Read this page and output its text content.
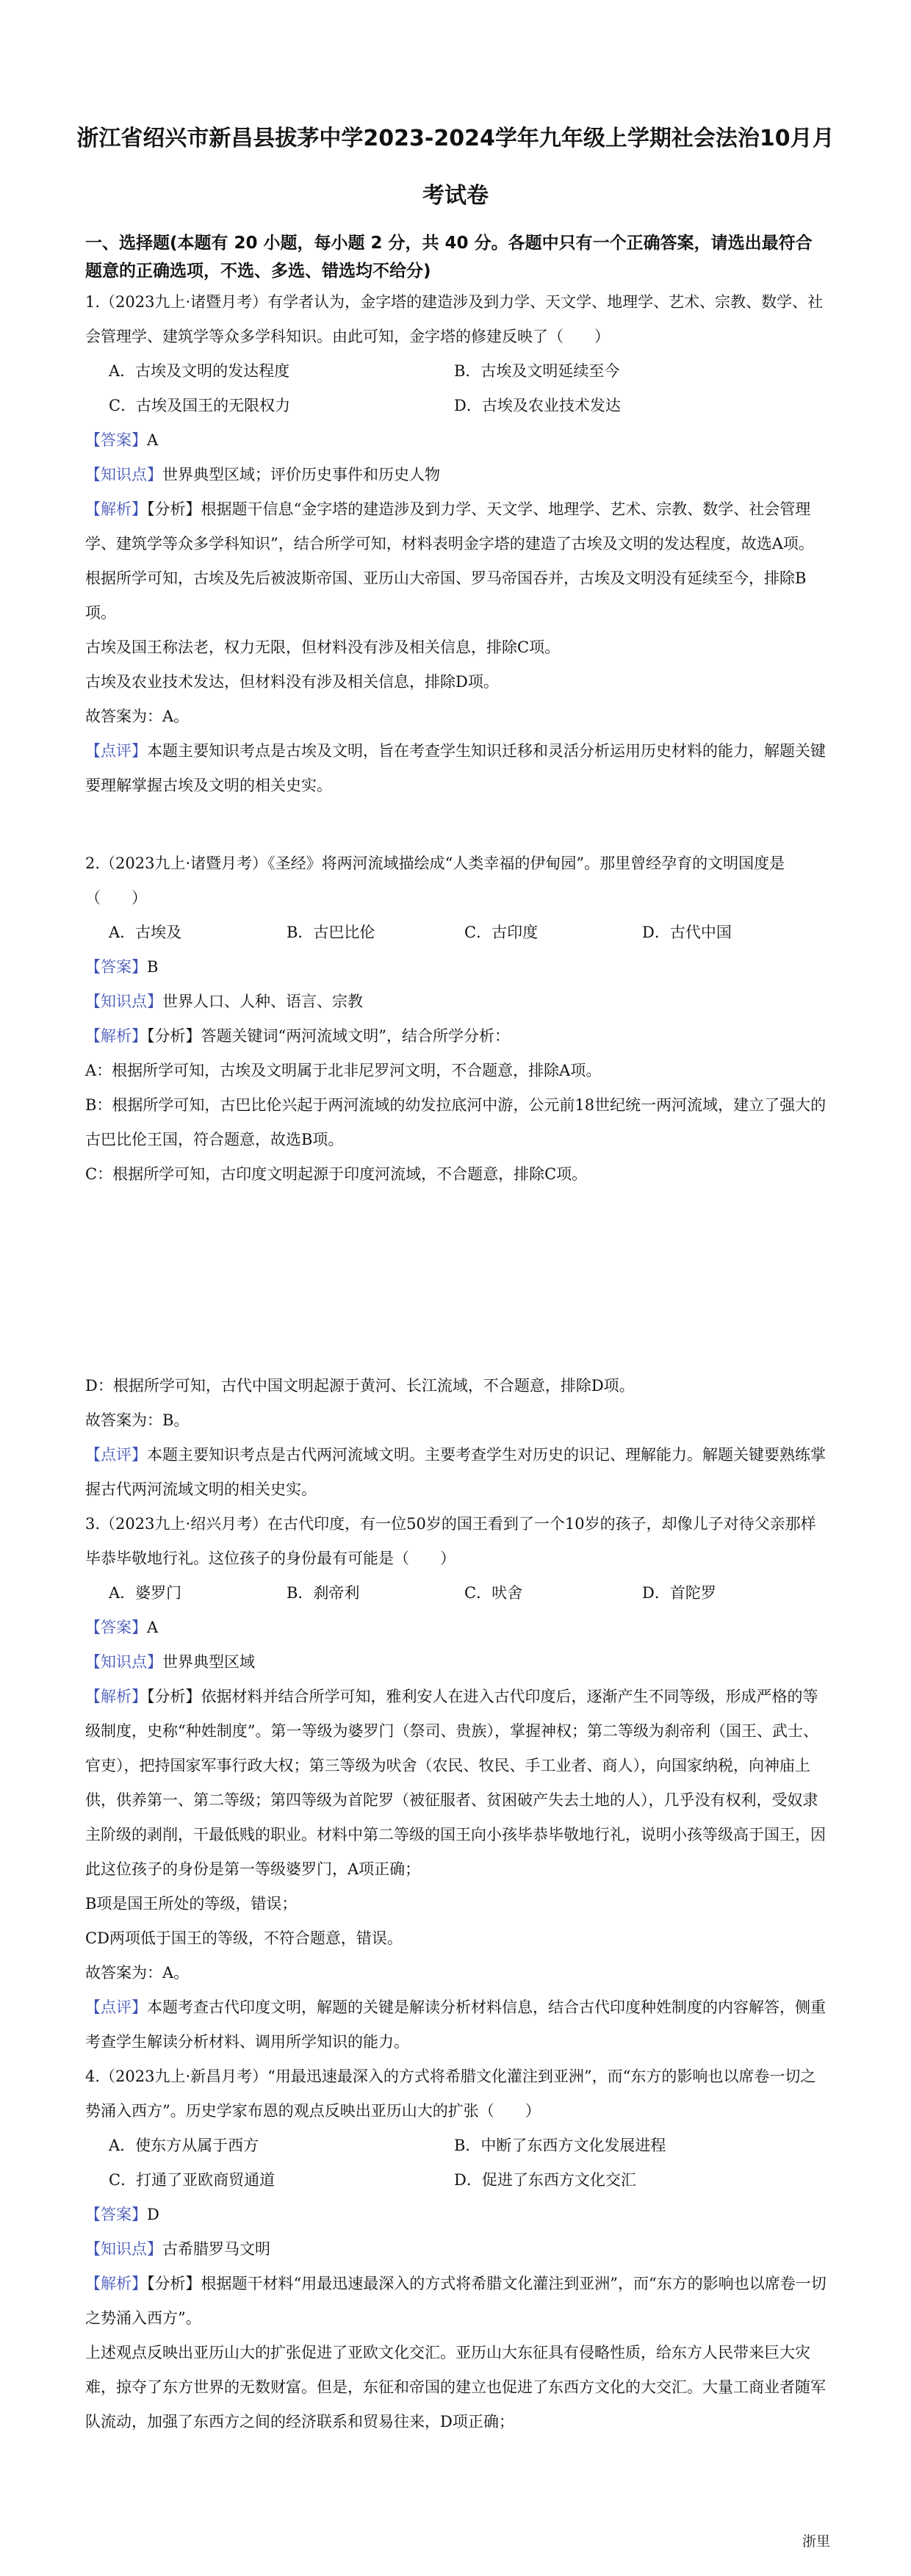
浙江省绍兴市新昌县拔茅中学2023-2024学年九年级上学期社会法治10月月考试卷
一、选择题(本题有 20 小题，每小题 2 分，共 40 分。各题中只有一个正确答案，请选出最符合题意的正确选项，不选、多选、错选均不给分)

1.（2023九上·诸暨月考）有学者认为，金字塔的建造涉及到力学、天文学、地理学、艺术、宗教、数学、社会管理学、建筑学等众多学科知识。由此可知，金字塔的修建反映了（　　）

A．古埃及文明的发达程度	B．古埃及文明延续至今
C．古埃及国王的无限权力	D．古埃及农业技术发达

【答案】A

【知识点】世界典型区域；评价历史事件和历史人物

【解析】【分析】根据题干信息“金字塔的建造涉及到力学、天文学、地理学、艺术、宗教、数学、社会管理学、建筑学等众多学科知识”，结合所学可知，材料表明金字塔的建造了古埃及文明的发达程度，故选A项。

根据所学可知，古埃及先后被波斯帝国、亚历山大帝国、罗马帝国吞并，古埃及文明没有延续至今，排除B项。

古埃及国王称法老，权力无限，但材料没有涉及相关信息，排除C项。

古埃及农业技术发达，但材料没有涉及相关信息，排除D项。

故答案为：A。

【点评】本题主要知识考点是古埃及文明，旨在考查学生知识迁移和灵活分析运用历史材料的能力，解题关键要理解掌握古埃及文明的相关史实。

2.（2023九上·诸暨月考）《圣经》将两河流域描绘成“人类幸福的伊甸园”。那里曾经孕育的文明国度是（　　）

A．古埃及	B．古巴比伦	C．古印度	D．古代中国

【答案】B

【知识点】世界人口、人种、语言、宗教

【解析】【分析】答题关键词“两河流域文明”，结合所学分析：

A：根据所学可知，古埃及文明属于北非尼罗河文明，不合题意，排除A项。

B：根据所学可知，古巴比伦兴起于两河流域的幼发拉底河中游，公元前18世纪统一两河流域，建立了强大的古巴比伦王国，符合题意，故选B项。

C：根据所学可知，古印度文明起源于印度河流域，不合题意，排除C项。

D：根据所学可知，古代中国文明起源于黄河、长江流域，不合题意，排除D项。

故答案为：B。

【点评】本题主要知识考点是古代两河流域文明。主要考查学生对历史的识记、理解能力。解题关键要熟练掌握古代两河流域文明的相关史实。

3.（2023九上·绍兴月考）在古代印度，有一位50岁的国王看到了一个10岁的孩子，却像儿子对待父亲那样毕恭毕敬地行礼。这位孩子的身份最有可能是（　　）

A．婆罗门	B．刹帝利	C．吠舍	D．首陀罗

【答案】A

【知识点】世界典型区域

【解析】【分析】依据材料并结合所学可知，雅利安人在进入古代印度后，逐渐产生不同等级，形成严格的等级制度，史称“种姓制度”。第一等级为婆罗门（祭司、贵族），掌握神权；第二等级为刹帝利（国王、武士、官吏），把持国家军事行政大权；第三等级为吠舍（农民、牧民、手工业者、商人），向国家纳税，向神庙上供，供养第一、第二等级；第四等级为首陀罗（被征服者、贫困破产失去土地的人），几乎没有权利，受奴隶主阶级的剥削，干最低贱的职业。材料中第二等级的国王向小孩毕恭毕敬地行礼，说明小孩等级高于国王，因此这位孩子的身份是第一等级婆罗门，A项正确；

B项是国王所处的等级，错误；

CD两项低于国王的等级，不符合题意，错误。

故答案为：A。

【点评】本题考查古代印度文明，解题的关键是解读分析材料信息，结合古代印度种姓制度的内容解答，侧重考查学生解读分析材料、调用所学知识的能力。

4.（2023九上·新昌月考）“用最迅速最深入的方式将希腊文化灌注到亚洲”，而“东方的影响也以席卷一切之势涌入西方”。历史学家布恩的观点反映出亚历山大的扩张（　　）

A．使东方从属于西方	B．中断了东西方文化发展进程
C．打通了亚欧商贸通道	D．促进了东西方文化交汇

【答案】D

【知识点】古希腊罗马文明

【解析】【分析】根据题干材料“用最迅速最深入的方式将希腊文化灌注到亚洲”，而“东方的影响也以席卷一切之势涌入西方”。

上述观点反映出亚历山大的扩张促进了亚欧文化交汇。亚历山大东征具有侵略性质，给东方人民带来巨大灾难，掠夺了东方世界的无数财富。但是，东征和帝国的建立也促进了东西方文化的大交汇。大量工商业者随军队流动，加强了东西方之间的经济联系和贸易往来，D项正确；

浙里
